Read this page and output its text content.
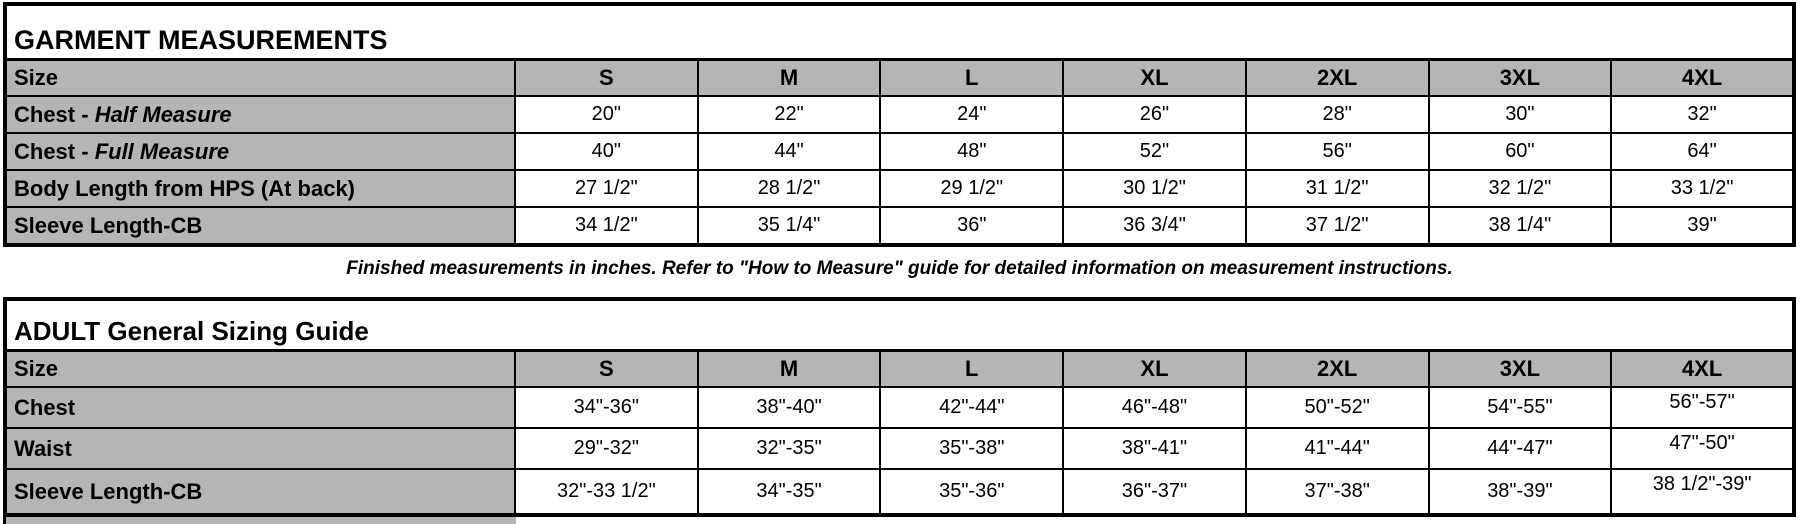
GARMENT MEASUREMENTS							
Size	S	M	L	XL	2XL	3XL	4XL
Chest - Half Measure	20"	22"	24"	26"	28"	30"	32"
Chest - Full Measure	40"	44"	48"	52"	56"	60"	64"
Body Length from HPS (At back)	27 1/2"	28 1/2"	29 1/2"	30 1/2"	31 1/2"	32 1/2"	33 1/2"
Sleeve Length-CB	34 1/2"	35 1/4"	36"	36 3/4"	37 1/2"	38 1/4"	39"
Finished measurements in inches. Refer to "How to Measure" guide for detailed information on measurement instructions.
ADULT General Sizing Guide							
Size	S	M	L	XL	2XL	3XL	4XL
Chest	34"-36"	38"-40"	42"-44"	46"-48"	50"-52"	54"-55"	56"-57"
Waist	29"-32"	32"-35"	35"-38"	38"-41"	41"-44"	44"-47"	47"-50"
Sleeve Length-CB	32"-33 1/2"	34"-35"	35"-36"	36"-37"	37"-38"	38"-39"	38 1/2"-39"
